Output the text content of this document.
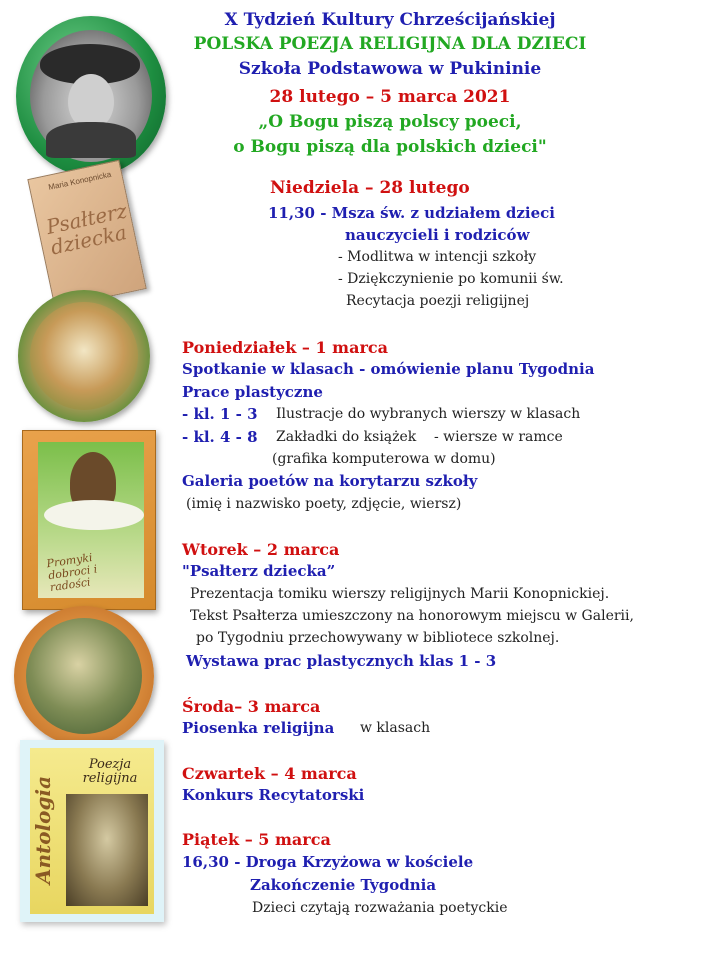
Maria Konopnicka
Psałterz dziecka
Promyki dobroci i radości
Poezja religijna
Antologia
X Tydzień Kultury Chrześcijańskiej
POLSKA POEZJA RELIGIJNA DLA DZIECI
Szkoła Podstawowa w Pukininie
28 lutego – 5 marca 2021
„O Bogu piszą polscy poeci,
o Bogu piszą dla polskich dzieci"
Niedziela – 28 lutego
11,30 - Msza św. z udziałem dzieci
nauczycieli i rodziców
- Modlitwa w intencji szkoły
- Dziękczynienie po komunii św.
Recytacja poezji religijnej
Poniedziałek – 1 marca
Spotkanie w klasach - omówienie planu Tygodnia
Prace plastyczne
- kl. 1 - 3 Ilustracje do wybranych wierszy w klasach
- kl. 4 - 8 Zakładki do książek - wiersze w ramce
(grafika komputerowa w domu)
Galeria poetów na korytarzu szkoły
(imię i nazwisko poety, zdjęcie, wiersz)
Wtorek – 2 marca
"Psałterz dziecka”
Prezentacja tomiku wierszy religijnych Marii Konopnickiej.
Tekst Psałterza umieszczony na honorowym miejscu w Galerii,
po Tygodniu przechowywany w bibliotece szkolnej.
Wystawa prac plastycznych klas 1 - 3
Środa– 3 marca
Piosenka religijna w klasach
Czwartek – 4 marca
Konkurs Recytatorski
Piątek – 5 marca
16,30 - Droga Krzyżowa w kościele
Zakończenie Tygodnia
Dzieci czytają rozważania poetyckie
